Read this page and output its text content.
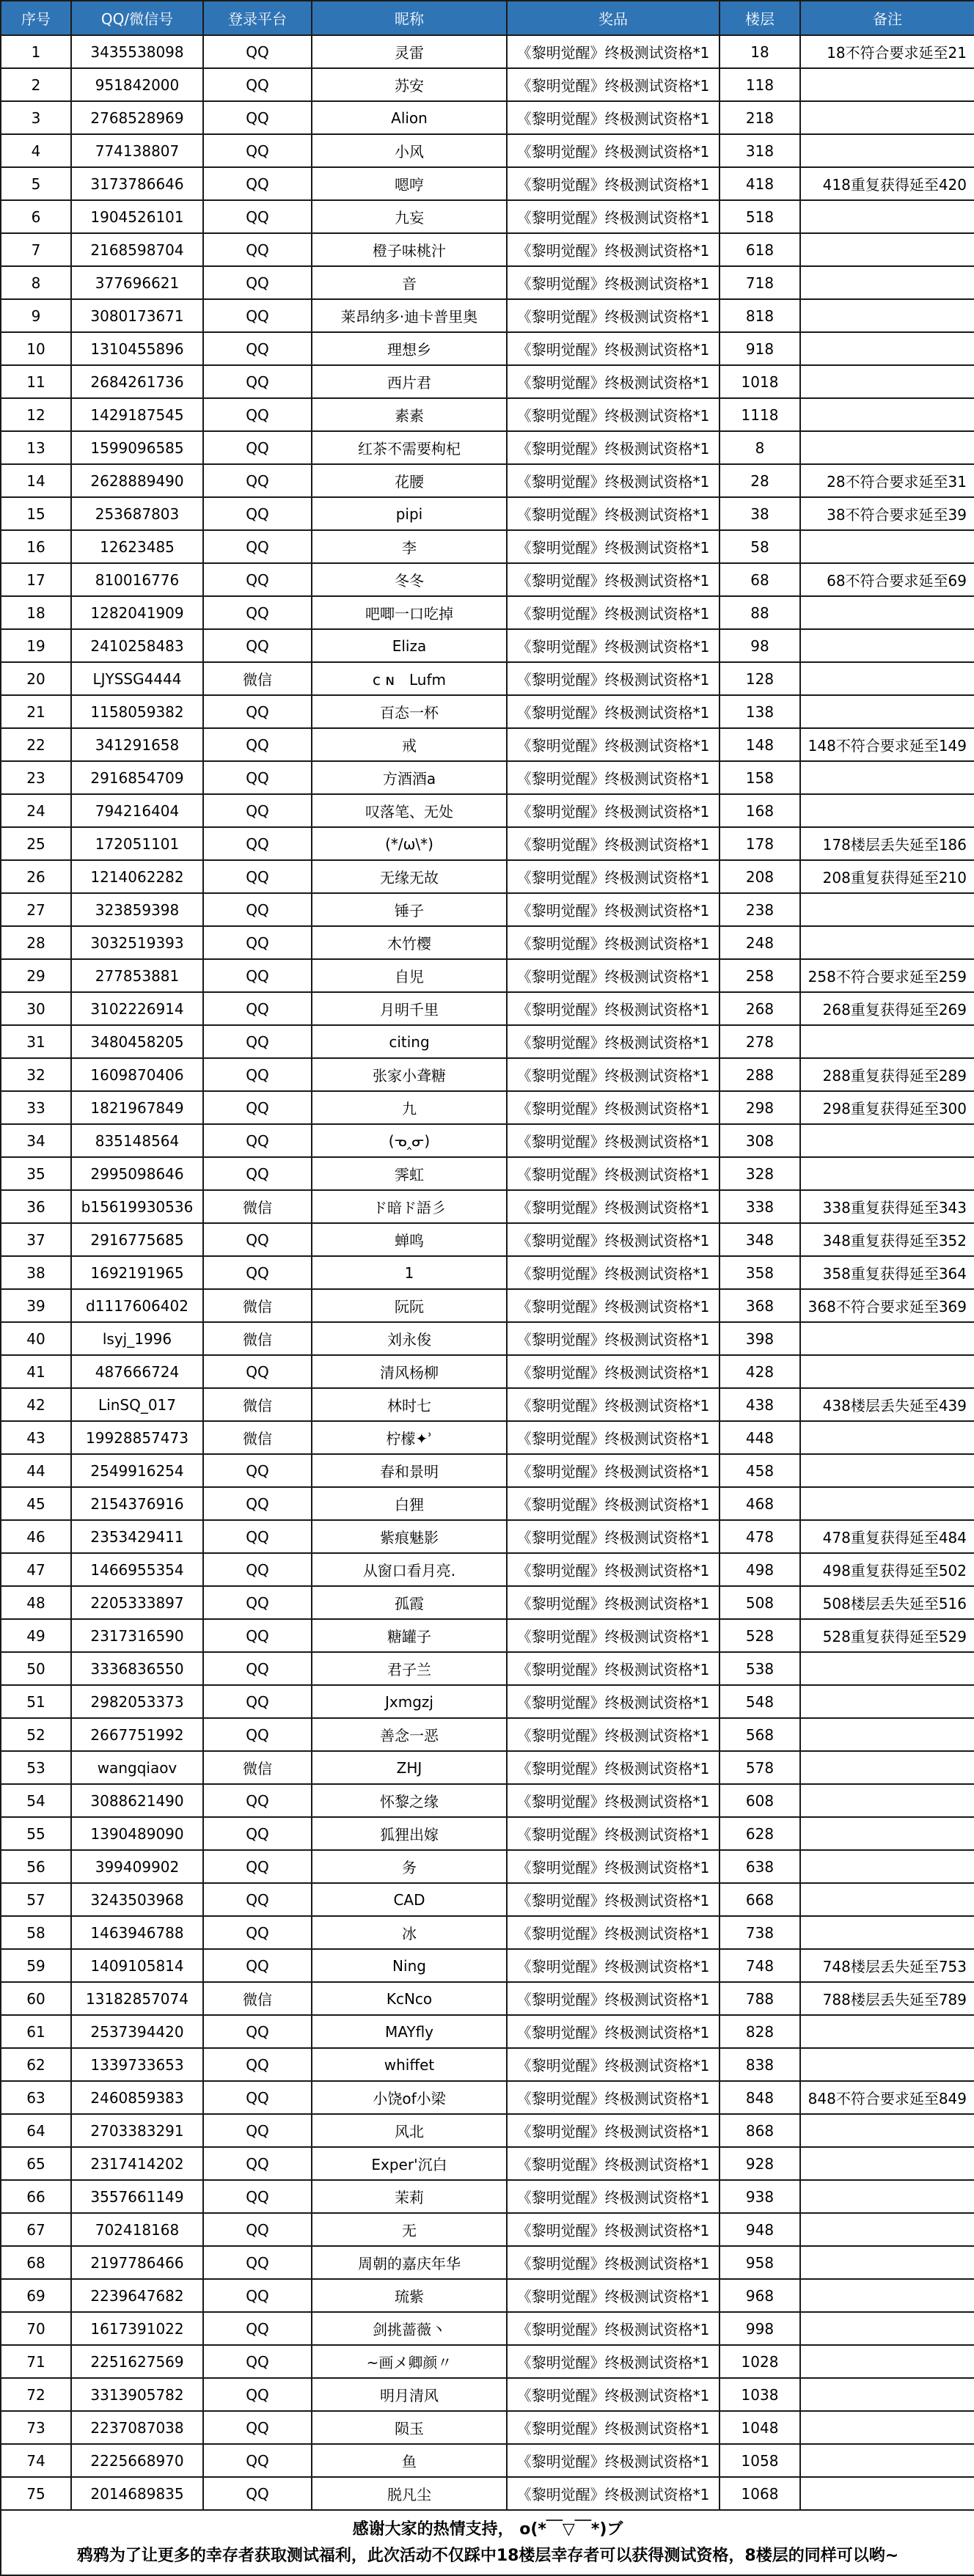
序号	QQ/微信号	登录平台	昵称	奖品	楼层	备注
1	3435538098	QQ	灵雷	《黎明觉醒》终极测试资格*1	18	18不符合要求延至21
2	951842000	QQ	苏安	《黎明觉醒》终极测试资格*1	118	
3	2768528969	QQ	Alion	《黎明觉醒》终极测试资格*1	218	
4	774138807	QQ	小风	《黎明觉醒》终极测试资格*1	318	
5	3173786646	QQ	嗯哼	《黎明觉醒》终极测试资格*1	418	418重复获得延至420
6	1904526101	QQ	九妄	《黎明觉醒》终极测试资格*1	518	
7	2168598704	QQ	橙子味桃汁	《黎明觉醒》终极测试资格*1	618	
8	377696621	QQ	音	《黎明觉醒》终极测试资格*1	718	
9	3080173671	QQ	莱昂纳多·迪卡普里奥	《黎明觉醒》终极测试资格*1	818	
10	1310455896	QQ	理想乡	《黎明觉醒》终极测试资格*1	918	
11	2684261736	QQ	西片君	《黎明觉醒》终极测试资格*1	1018	
12	1429187545	QQ	素素	《黎明觉醒》终极测试资格*1	1118	
13	1599096585	QQ	红茶不需要枸杞	《黎明觉醒》终极测试资格*1	8	
14	2628889490	QQ	花腰	《黎明觉醒》终极测试资格*1	28	28不符合要求延至31
15	253687803	QQ	pipi	《黎明觉醒》终极测试资格*1	38	38不符合要求延至39
16	12623485	QQ	李	《黎明觉醒》终极测试资格*1	58	
17	810016776	QQ	冬冬	《黎明觉醒》终极测试资格*1	68	68不符合要求延至69
18	1282041909	QQ	吧唧一口吃掉	《黎明觉醒》终极测试资格*1	88	
19	2410258483	QQ	Eliza	《黎明觉醒》终极测试资格*1	98	
20	LJYSSG4444	微信	ᴄ ɴ　Lufm	《黎明觉醒》终极测试资格*1	128	
21	1158059382	QQ	百态一杯	《黎明觉醒》终极测试资格*1	138	
22	341291658	QQ	戒	《黎明觉醒》终极测试资格*1	148	148不符合要求延至149
23	2916854709	QQ	方酒酒a	《黎明觉醒》终极测试资格*1	158	
24	794216404	QQ	叹落笔、无处	《黎明觉醒》终极测试资格*1	168	
25	172051101	QQ	(*/ω\*)	《黎明觉醒》终极测试资格*1	178	178楼层丢失延至186
26	1214062282	QQ	无缘无故	《黎明觉醒》终极测试资格*1	208	208重复获得延至210
27	323859398	QQ	锤子	《黎明觉醒》终极测试资格*1	238	
28	3032519393	QQ	木竹樱	《黎明觉醒》终极测试资格*1	248	
29	277853881	QQ	自児	《黎明觉醒》终极测试资格*1	258	258不符合要求延至259
30	3102226914	QQ	月明千里	《黎明觉醒》终极测试资格*1	268	268重复获得延至269
31	3480458205	QQ	citing	《黎明觉醒》终极测试资格*1	278	
32	1609870406	QQ	张家小聋糖	《黎明觉醒》终极测试资格*1	288	288重复获得延至289
33	1821967849	QQ	九	《黎明觉醒》终极测试资格*1	298	298重复获得延至300
34	835148564	QQ	(ᓀ‸ᓂ)	《黎明觉醒》终极测试资格*1	308	
35	2995098646	QQ	霁虹	《黎明觉醒》终极测试资格*1	328	
36	b15619930536	微信	ド暗ド語彡	《黎明觉醒》终极测试资格*1	338	338重复获得延至343
37	2916775685	QQ	蝉鸣	《黎明觉醒》终极测试资格*1	348	348重复获得延至352
38	1692191965	QQ	1	《黎明觉醒》终极测试资格*1	358	358重复获得延至364
39	d1117606402	微信	阮阮	《黎明觉醒》终极测试资格*1	368	368不符合要求延至369
40	lsyj_1996	微信	刘永俊	《黎明觉醒》终极测试资格*1	398	
41	487666724	QQ	清风杨柳	《黎明觉醒》终极测试资格*1	428	
42	LinSQ_017	微信	林时七	《黎明觉醒》终极测试资格*1	438	438楼层丢失延至439
43	19928857473	微信	柠檬✦ʾ	《黎明觉醒》终极测试资格*1	448	
44	2549916254	QQ	春和景明	《黎明觉醒》终极测试资格*1	458	
45	2154376916	QQ	白狸	《黎明觉醒》终极测试资格*1	468	
46	2353429411	QQ	紫痕魅影	《黎明觉醒》终极测试资格*1	478	478重复获得延至484
47	1466955354	QQ	从窗口看月亮.	《黎明觉醒》终极测试资格*1	498	498重复获得延至502
48	2205333897	QQ	孤霞	《黎明觉醒》终极测试资格*1	508	508楼层丢失延至516
49	2317316590	QQ	糖罐子	《黎明觉醒》终极测试资格*1	528	528重复获得延至529
50	3336836550	QQ	君子兰	《黎明觉醒》终极测试资格*1	538	
51	2982053373	QQ	Jxmgzj	《黎明觉醒》终极测试资格*1	548	
52	2667751992	QQ	善念一恶	《黎明觉醒》终极测试资格*1	568	
53	wangqiaov	微信	ZHJ	《黎明觉醒》终极测试资格*1	578	
54	3088621490	QQ	怀黎之缘	《黎明觉醒》终极测试资格*1	608	
55	1390489090	QQ	狐狸出嫁	《黎明觉醒》终极测试资格*1	628	
56	399409902	QQ	务	《黎明觉醒》终极测试资格*1	638	
57	3243503968	QQ	CAD	《黎明觉醒》终极测试资格*1	668	
58	1463946788	QQ	冰	《黎明觉醒》终极测试资格*1	738	
59	1409105814	QQ	Ning	《黎明觉醒》终极测试资格*1	748	748楼层丢失延至753
60	13182857074	微信	KcNco	《黎明觉醒》终极测试资格*1	788	788楼层丢失延至789
61	2537394420	QQ	MAYfly	《黎明觉醒》终极测试资格*1	828	
62	1339733653	QQ	whiffet	《黎明觉醒》终极测试资格*1	838	
63	2460859383	QQ	小饶of小梁	《黎明觉醒》终极测试资格*1	848	848不符合要求延至849
64	2703383291	QQ	风北	《黎明觉醒》终极测试资格*1	868	
65	2317414202	QQ	Exper'沉白	《黎明觉醒》终极测试资格*1	928	
66	3557661149	QQ	茉莉	《黎明觉醒》终极测试资格*1	938	
67	702418168	QQ	无	《黎明觉醒》终极测试资格*1	948	
68	2197786466	QQ	周朝的嘉庆年华	《黎明觉醒》终极测试资格*1	958	
69	2239647682	QQ	琉紫	《黎明觉醒》终极测试资格*1	968	
70	1617391022	QQ	剑挑蔷薇丶	《黎明觉醒》终极测试资格*1	998	
71	2251627569	QQ	~画メ卿颜〃	《黎明觉醒》终极测试资格*1	1028	
72	3313905782	QQ	明月清风	《黎明觉醒》终极测试资格*1	1038	
73	2237087038	QQ	陨玉	《黎明觉醒》终极测试资格*1	1048	
74	2225668970	QQ	鱼	《黎明觉醒》终极测试资格*1	1058	
75	2014689835	QQ	脱凡尘	《黎明觉醒》终极测试资格*1	1068	

感谢大家的热情支持， o(*￣▽￣*)ブ
鸦鸦为了让更多的幸存者获取测试福利，此次活动不仅踩中18楼层幸存者可以获得测试资格，8楼层的同样可以哟~						
